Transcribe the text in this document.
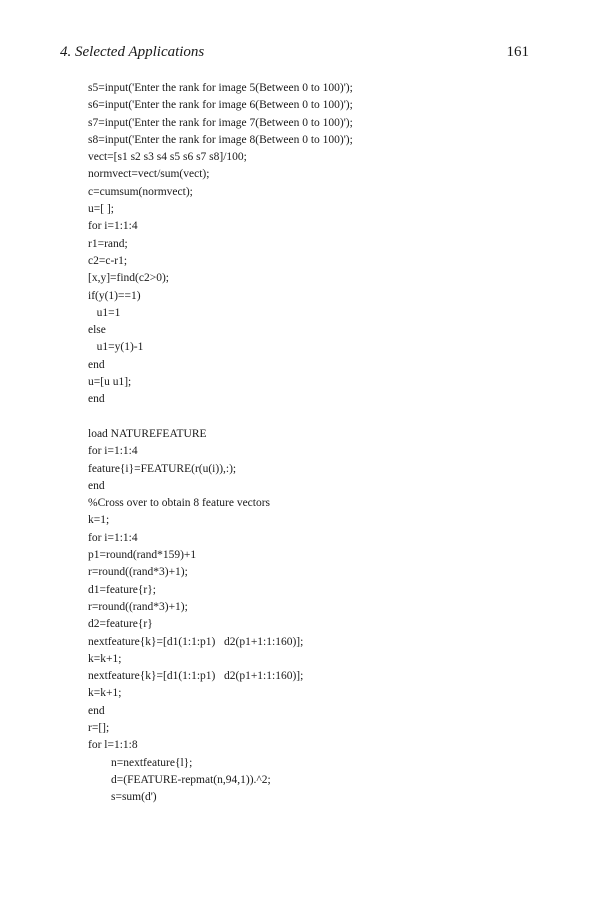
4. Selected Applications	161
s5=input('Enter the rank for image 5(Between 0 to 100)');
s6=input('Enter the rank for image 6(Between 0 to 100)');
s7=input('Enter the rank for image 7(Between 0 to 100)');
s8=input('Enter the rank for image 8(Between 0 to 100)');
vect=[s1 s2 s3 s4 s5 s6 s7 s8]/100;
normvect=vect/sum(vect);
c=cumsum(normvect);
u=[ ];
for i=1:1:4
r1=rand;
c2=c-r1;
[x,y]=find(c2>0);
if(y(1)==1)
u1=1
else
u1=y(1)-1
end
u=[u u1];
end
load NATUREFEATURE
for i=1:1:4
feature{i}=FEATURE(r(u(i)),:);
end
%Cross over to obtain 8 feature vectors
k=1;
for i=1:1:4
p1=round(rand*159)+1
r=round((rand*3)+1);
d1=feature{r};
r=round((rand*3)+1);
d2=feature{r}
nextfeature{k}=[d1(1:1:p1)   d2(p1+1:1:160)];
k=k+1;
nextfeature{k}=[d1(1:1:p1)   d2(p1+1:1:160)];
k=k+1;
end
r=[];
for l=1:1:8
n=nextfeature{l};
d=(FEATURE-repmat(n,94,1)).^2;
s=sum(d')
